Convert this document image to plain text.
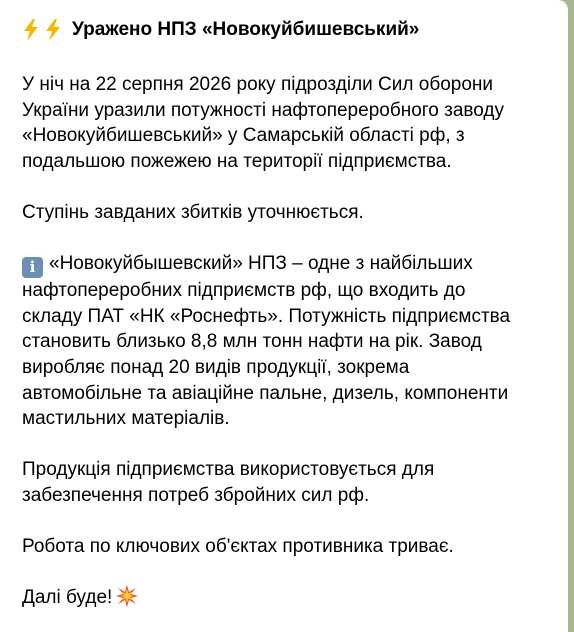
Уражено НПЗ «Новокуйбишевський»
У ніч на 22 серпня 2026 року підрозділи Сил оборони
України уразили потужності нафтопереробного заводу
«Новокуйбишевський» у Самарській області рф, з
подальшою пожежею на території підприємства.
Ступінь завданих збитків уточнюється.
i «Новокуйбышевский» НПЗ – одне з найбільших
нафтопереробних підприємств рф, що входить до
складу ПАТ «НК «Роснефть». Потужність підприємства
становить близько 8,8 млн тонн нафти на рік. Завод
виробляє понад 20 видів продукції, зокрема
автомобільне та авіаційне пальне, дизель, компоненти
мастильних матеріалів.
Продукція підприємства використовується для
забезпечення потреб збройних сил рф.
Робота по ключових об'єктах противника триває.
Далі буде!
